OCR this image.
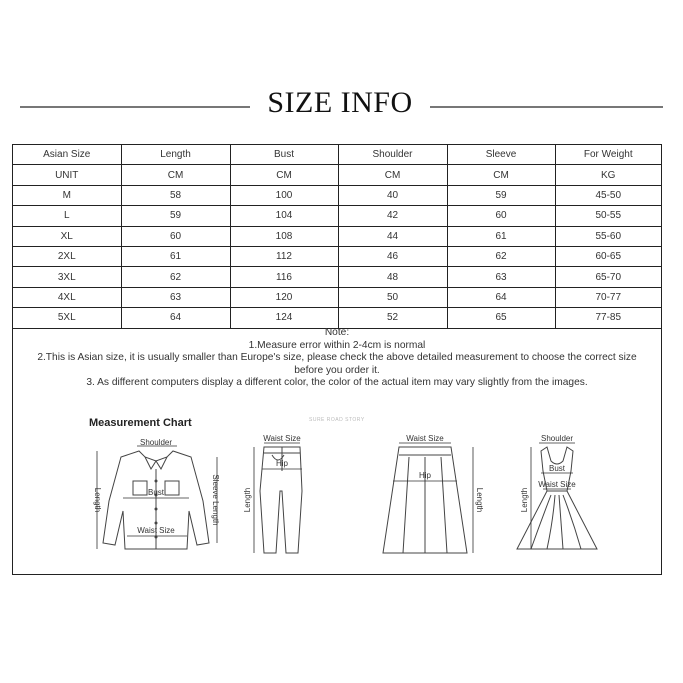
SIZE INFO
Asian Size	Length	Bust	Shoulder	Sleeve	For Weight
UNIT	CM	CM	CM	CM	KG
M	58	100	40	59	45-50
L	59	104	42	60	50-55
XL	60	108	44	61	55-60
2XL	61	112	46	62	60-65
3XL	62	116	48	63	65-70
4XL	63	120	50	64	70-77
5XL	64	124	52	65	77-85
Note:
1.Measure error within 2-4cm is normal
2.This is Asian size, it is usually smaller than Europe's size, please check the above detailed measurement to choose the correct size
before you order it.
3. As different computers display a different color, the color of the actual item may vary slightly from the images.
Measurement Chart	SURE ROAD STORY
Shoulder
Bust
Waist Size
Length	Sleeve Length
Waist Size
Hip
Length
Waist Size
Hip
Length
Shoulder
Bust
Waist Size
Length
